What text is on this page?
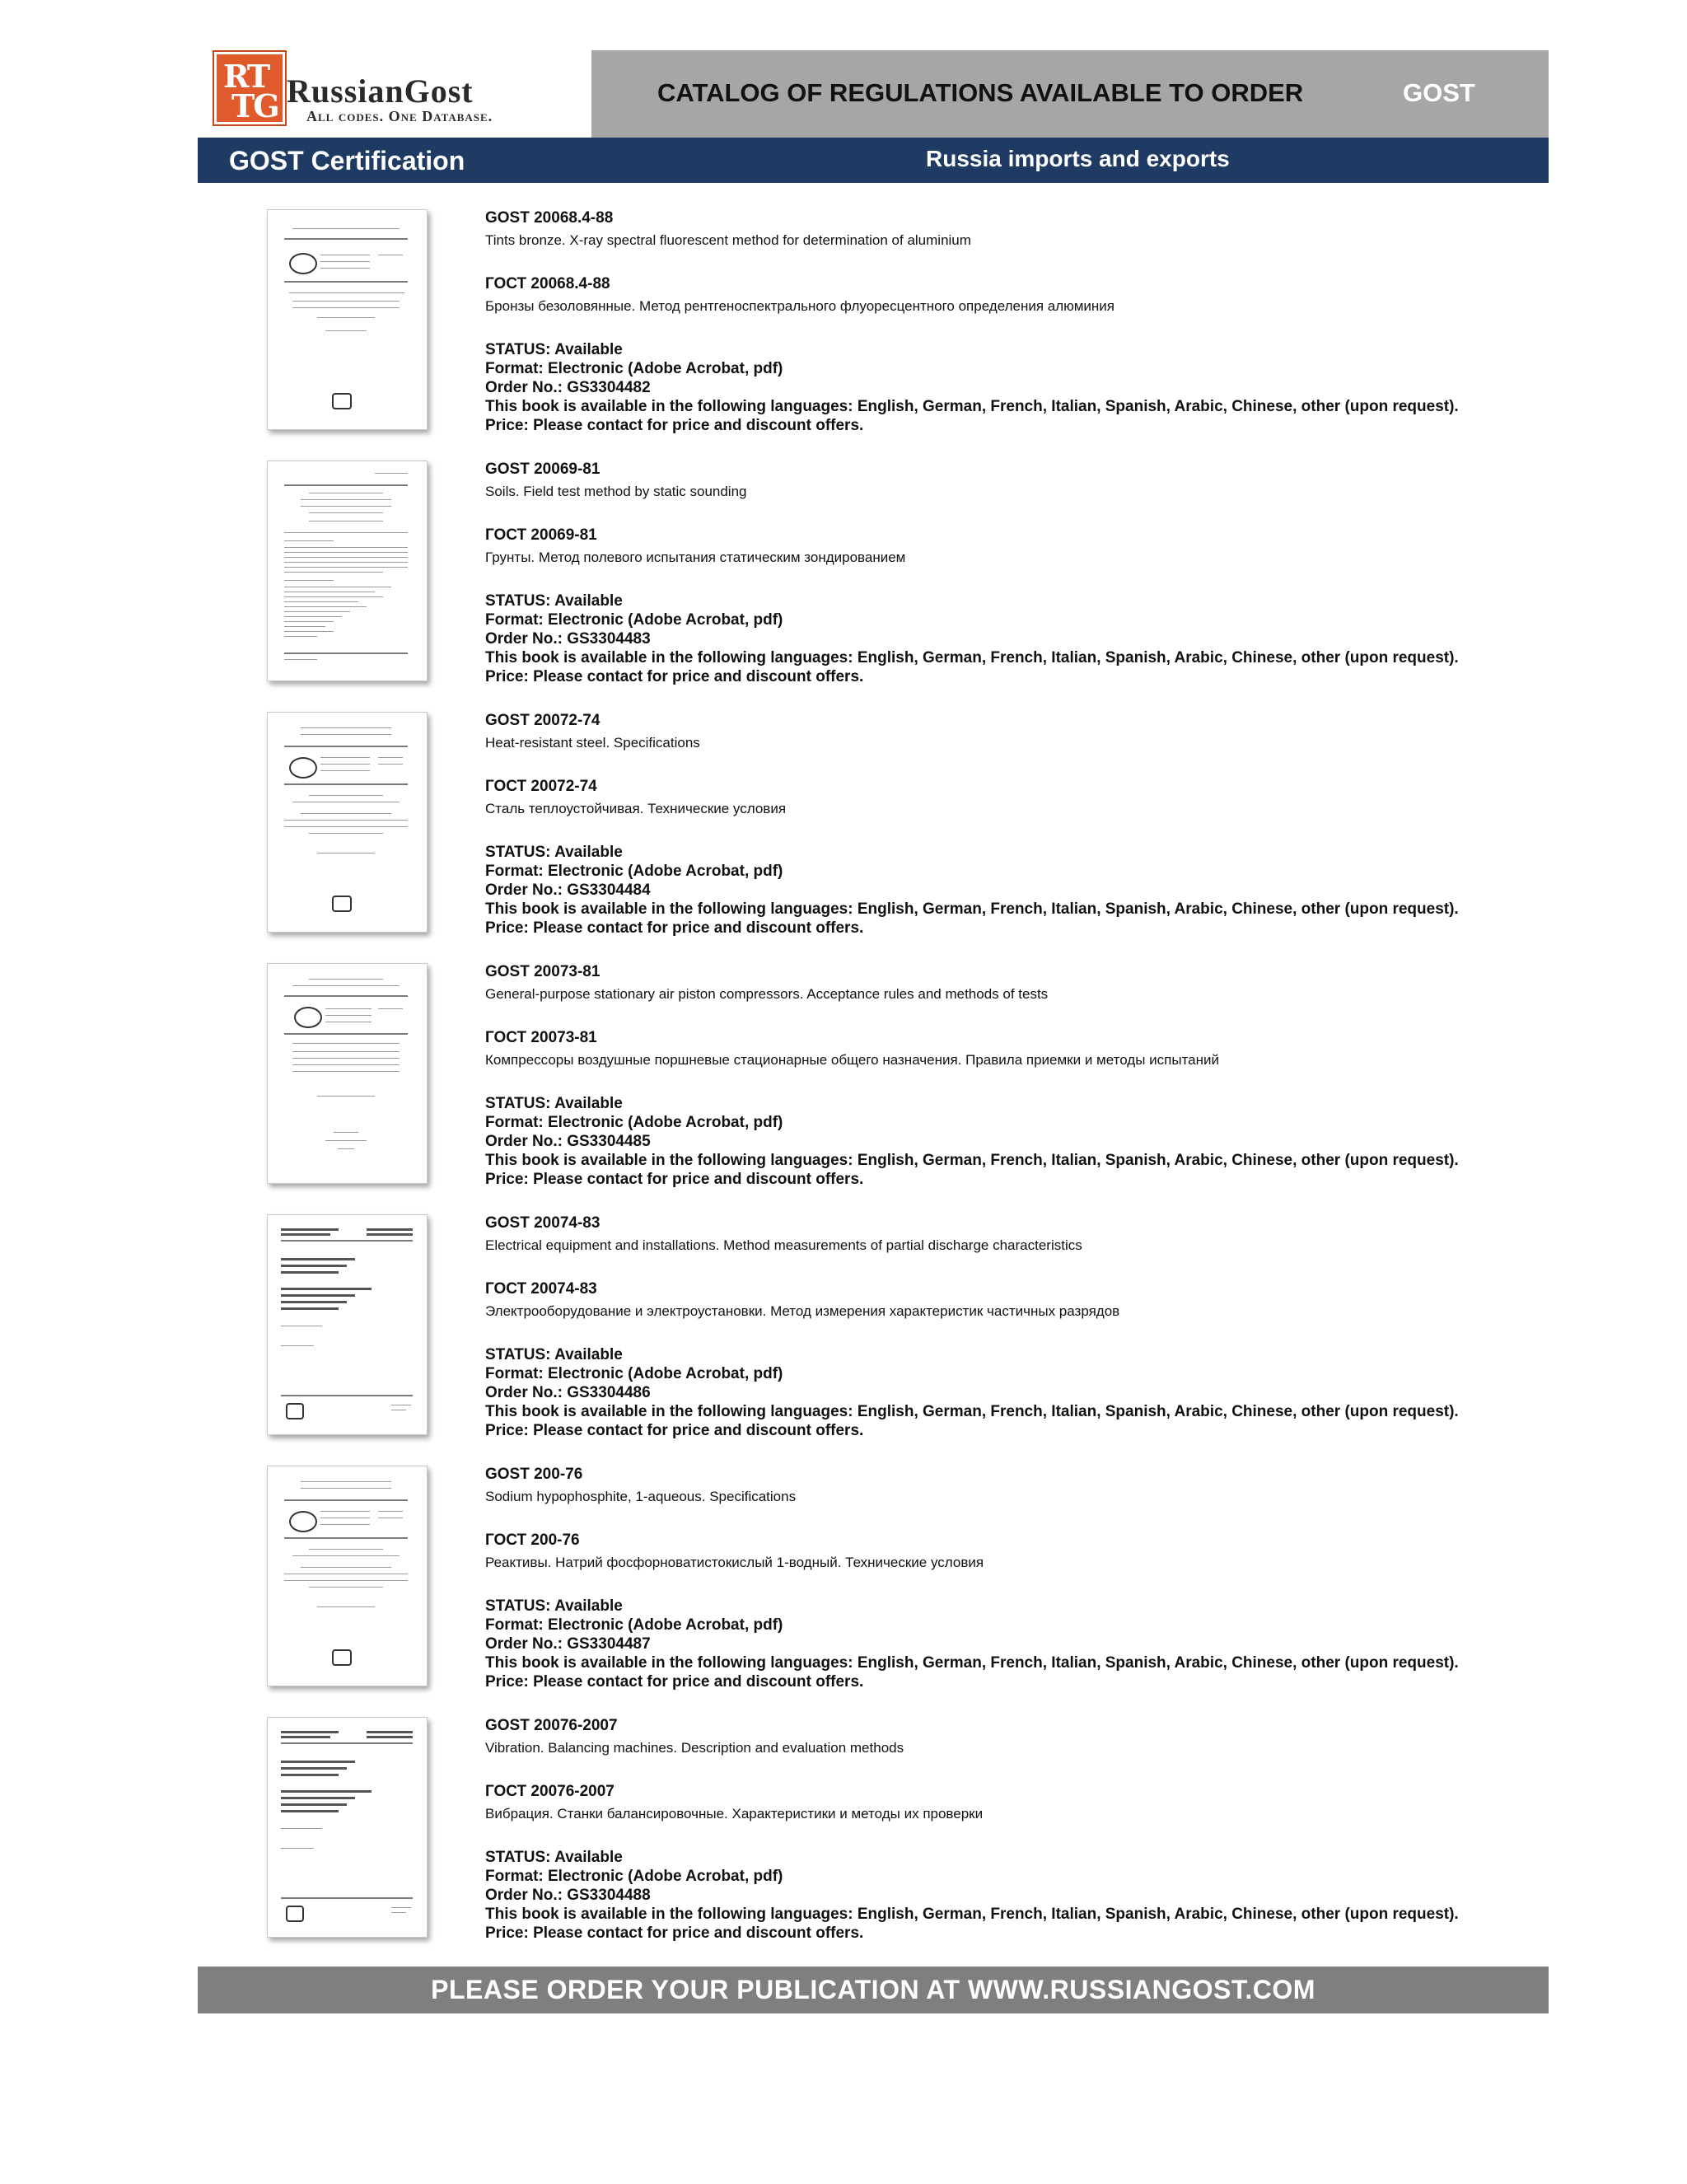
RT
TG RussianGost
All codes. One Database.
CATALOG OF REGULATIONS AVAILABLE TO ORDER	GOST
GOST Certification	Russia imports and exports
GOST 20068.4-88
Tints bronze. X-ray spectral fluorescent method for determination of aluminium
ГОСТ 20068.4-88
Бронзы безоловянные. Метод рентгеноспектрального флуоресцентного определения алюминия
STATUS: Available
Format: Electronic (Adobe Acrobat, pdf)
Order No.: GS3304482
This book is available in the following languages: English, German, French, Italian, Spanish, Arabic, Chinese, other (upon request).
Price: Please contact for price and discount offers.
GOST 20069-81
Soils. Field test method by static sounding
ГОСТ 20069-81
Грунты. Метод полевого испытания статическим зондированием
STATUS: Available
Format: Electronic (Adobe Acrobat, pdf)
Order No.: GS3304483
This book is available in the following languages: English, German, French, Italian, Spanish, Arabic, Chinese, other (upon request).
Price: Please contact for price and discount offers.
GOST 20072-74
Heat-resistant steel. Specifications
ГОСТ 20072-74
Сталь теплоустойчивая. Технические условия
STATUS: Available
Format: Electronic (Adobe Acrobat, pdf)
Order No.: GS3304484
This book is available in the following languages: English, German, French, Italian, Spanish, Arabic, Chinese, other (upon request).
Price: Please contact for price and discount offers.
GOST 20073-81
General-purpose stationary air piston compressors. Acceptance rules and methods of tests
ГОСТ 20073-81
Компрессоры воздушные поршневые стационарные общего назначения. Правила приемки и методы испытаний
STATUS: Available
Format: Electronic (Adobe Acrobat, pdf)
Order No.: GS3304485
This book is available in the following languages: English, German, French, Italian, Spanish, Arabic, Chinese, other (upon request).
Price: Please contact for price and discount offers.
GOST 20074-83
Electrical equipment and installations. Method measurements of partial discharge characteristics
ГОСТ 20074-83
Электрооборудование и электроустановки. Метод измерения характеристик частичных разрядов
STATUS: Available
Format: Electronic (Adobe Acrobat, pdf)
Order No.: GS3304486
This book is available in the following languages: English, German, French, Italian, Spanish, Arabic, Chinese, other (upon request).
Price: Please contact for price and discount offers.
GOST 200-76
Sodium hypophosphite, 1-aqueous. Specifications
ГОСТ 200-76
Реактивы. Натрий фосфорноватистокислый 1-водный. Технические условия
STATUS: Available
Format: Electronic (Adobe Acrobat, pdf)
Order No.: GS3304487
This book is available in the following languages: English, German, French, Italian, Spanish, Arabic, Chinese, other (upon request).
Price: Please contact for price and discount offers.
GOST 20076-2007
Vibration. Balancing machines. Description and evaluation methods
ГОСТ 20076-2007
Вибрация. Станки балансировочные. Характеристики и методы их проверки
STATUS: Available
Format: Electronic (Adobe Acrobat, pdf)
Order No.: GS3304488
This book is available in the following languages: English, German, French, Italian, Spanish, Arabic, Chinese, other (upon request).
Price: Please contact for price and discount offers.
PLEASE ORDER YOUR PUBLICATION AT WWW.RUSSIANGOST.COM
